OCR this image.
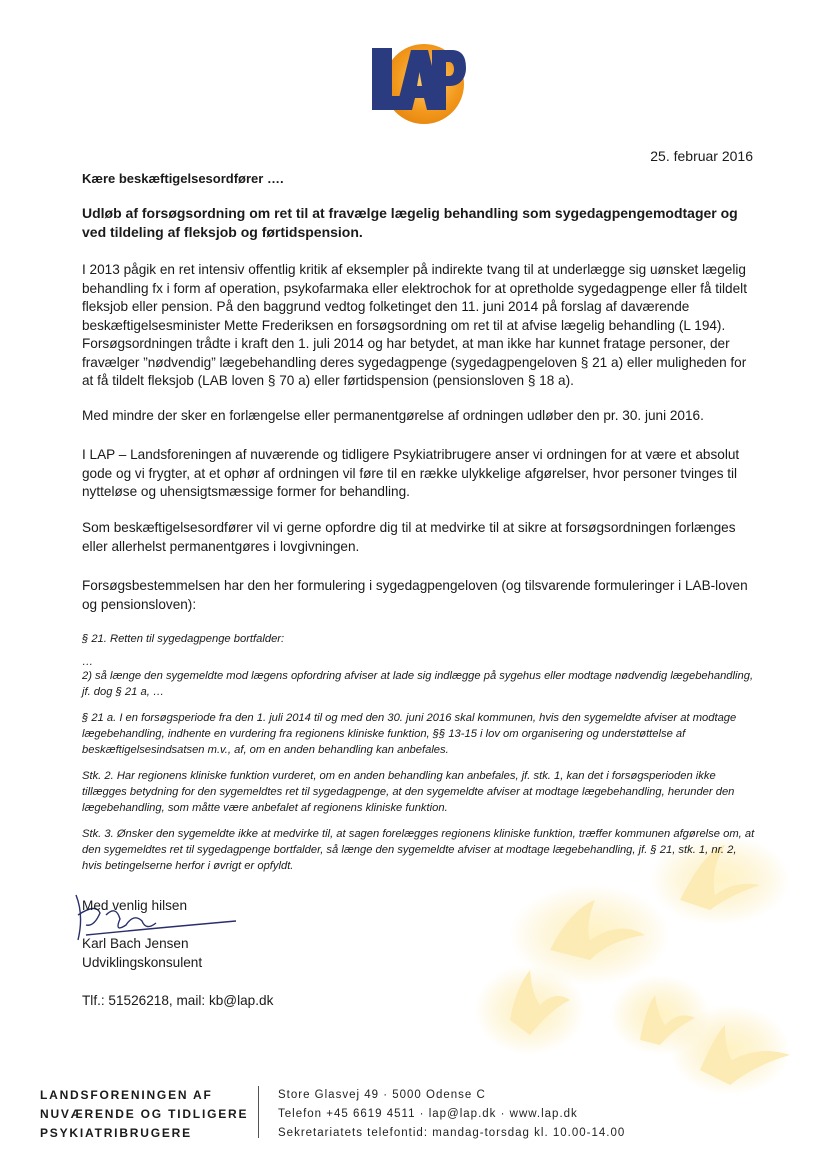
25. februar 2016
Kære beskæftigelsesordfører ….
Udløb af forsøgsordning om ret til at fravælge lægelig behandling som sygedagpengemodtager og ved tildeling af fleksjob og førtidspension.

I 2013 pågik en ret intensiv offentlig kritik af eksempler på indirekte tvang til at underlægge sig uønsket lægelig behandling fx i form af operation, psykofarmaka eller elektrochok for at opretholde sygedagpenge eller få tildelt fleksjob eller pension. På den baggrund vedtog folketinget den 11. juni 2014 på forslag af daværende beskæftigelsesminister Mette Frederiksen en forsøgsordning om ret til at afvise lægelig behandling (L 194). Forsøgsordningen trådte i kraft den 1. juli 2014 og har betydet, at man ikke har kunnet fratage personer, der fravælger ”nødvendig” lægebehandling deres sygedagpenge (sygedagpengeloven § 21 a) eller muligheden for at få tildelt fleksjob (LAB loven § 70 a) eller førtidspension (pensionsloven § 18 a).

Med mindre der sker en forlængelse eller permanentgørelse af ordningen udløber den pr. 30. juni 2016.

I LAP – Landsforeningen af nuværende og tidligere Psykiatribrugere anser vi ordningen for at være et absolut gode og vi frygter, at et ophør af ordningen vil føre til en række ulykkelige afgørelser, hvor personer tvinges til nytteløse og uhensigtsmæssige former for behandling.

Som beskæftigelsesordfører vil vi gerne opfordre dig til at medvirke til at sikre at forsøgsordningen forlænges eller allerhelst permanentgøres i lovgivningen.

Forsøgsbestemmelsen har den her formulering i sygedagpengeloven (og tilsvarende formuleringer i LAB-loven og pensionsloven):

§ 21. Retten til sygedagpenge bortfalder:

…

2) så længe den sygemeldte mod lægens opfordring afviser at lade sig indlægge på sygehus eller modtage nødvendig lægebehandling, jf. dog § 21 a, …

§ 21 a. I en forsøgsperiode fra den 1. juli 2014 til og med den 30. juni 2016 skal kommunen, hvis den sygemeldte afviser at modtage lægebehandling, indhente en vurdering fra regionens kliniske funktion, §§ 13-15 i lov om organisering og understøttelse af beskæftigelsesindsatsen m.v., af, om en anden behandling kan anbefales.

Stk. 2. Har regionens kliniske funktion vurderet, om en anden behandling kan anbefales, jf. stk. 1, kan det i forsøgsperioden ikke tillægges betydning for den sygemeldtes ret til sygedagpenge, at den sygemeldte afviser at modtage lægebehandling, herunder den lægebehandling, som måtte være anbefalet af regionens kliniske funktion.

Stk. 3. Ønsker den sygemeldte ikke at medvirke til, at sagen forelægges regionens kliniske funktion, træffer kommunen afgørelse om, at den sygemeldtes ret til sygedagpenge bortfalder, så længe den sygemeldte afviser at modtage lægebehandling, jf. § 21, stk. 1, nr. 2, hvis betingelserne herfor i øvrigt er opfyldt.

Med venlig hilsen
Karl Bach Jensen
Udviklingskonsulent
Tlf.: 51526218, mail: kb@lap.dk
LANDSFORENINGEN AF
NUVÆRENDE OG TIDLIGERE
PSYKIATRIBRUGERE
Store Glasvej 49 · 5000 Odense C
Telefon +45 6619 4511 · lap@lap.dk · www.lap.dk
Sekretariatets telefontid: mandag-torsdag kl. 10.00-14.00
